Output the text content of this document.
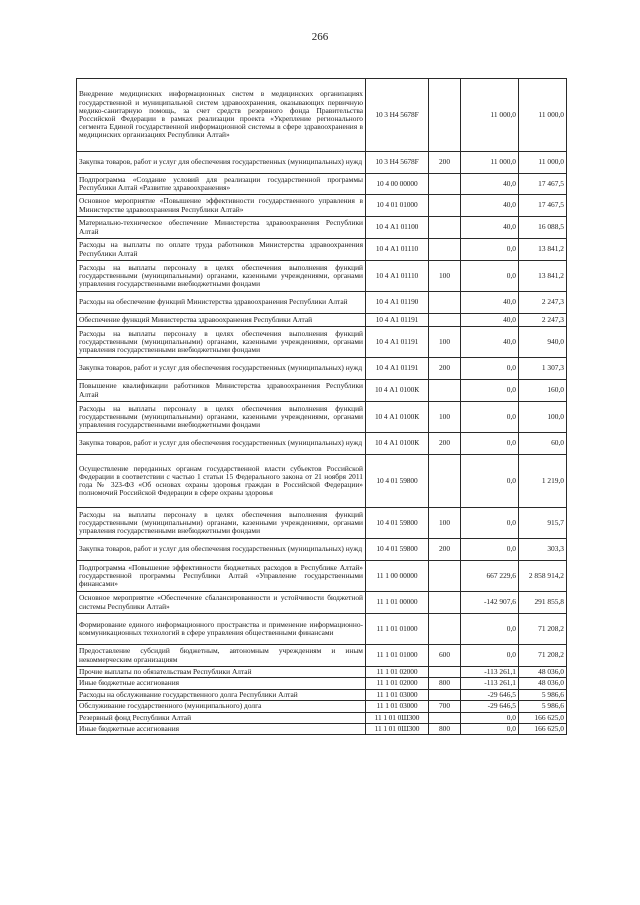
266
Внедрение медицинских информационных систем в медицинских организациях государственной и муниципальной систем здравоохранения, оказывающих первичную медико-санитарную помощь, за счет средств резервного фонда Правительства Российской Федерации в рамках реализации проекта «Укрепление регионального сегмента Единой государственной информационной системы в сфере здравоохранения в медицинских организациях Республики Алтай»	10 3 Н4 5678F		11 000,0	11 000,0
Закупка товаров, работ и услуг для обеспечения государственных (муниципальных) нужд	10 3 Н4 5678F	200	11 000,0	11 000,0
Подпрограмма «Создание условий для реализации государственной программы Республики Алтай «Развитие здравоохранения»	10 4 00 00000		40,0	17 467,5
Основное мероприятие «Повышение эффективности государственного управления в Министерстве здравоохранения Республики Алтай»	10 4 01 01000		40,0	17 467,5
Материально-техническое обеспечение Министерства здравоохранения Республики Алтай	10 4 А1 01100		40,0	16 088,5
Расходы на выплаты по оплате труда работников Министерства здравоохранения Республики Алтай	10 4 А1 01110		0,0	13 841,2
Расходы на выплаты персоналу в целях обеспечения выполнения функций государственными (муниципальными) органами, казенными учреждениями, органами управления государственными внебюджетными фондами	10 4 А1 01110	100	0,0	13 841,2
Расходы на обеспечение функций Министерства здравоохранения Республики Алтай	10 4 А1 01190		40,0	2 247,3
Обеспечение функций Министерства здравоохранения Республики Алтай	10 4 А1 01191		40,0	2 247,3
Расходы на выплаты персоналу в целях обеспечения выполнения функций государственными (муниципальными) органами, казенными учреждениями, органами управления государственными внебюджетными фондами	10 4 А1 01191	100	40,0	940,0
Закупка товаров, работ и услуг для обеспечения государственных (муниципальных) нужд	10 4 А1 01191	200	0,0	1 307,3
Повышение квалификации работников Министерства здравоохранения Республики Алтай	10 4 А1 0100К		0,0	160,0
Расходы на выплаты персоналу в целях обеспечения выполнения функций государственными (муниципальными) органами, казенными учреждениями, органами управления государственными внебюджетными фондами	10 4 А1 0100К	100	0,0	100,0
Закупка товаров, работ и услуг для обеспечения государственных (муниципальных) нужд	10 4 А1 0100К	200	0,0	60,0
Осуществление переданных органам государственной власти субъектов Российской Федерации в соответствии с частью 1 статьи 15 Федерального закона от 21 ноября 2011 года № 323-ФЗ «Об основах охраны здоровья граждан в Российской Федерации» полномочий Российской Федерации в сфере охраны здоровья	10 4 01 59800		0,0	1 219,0
Расходы на выплаты персоналу в целях обеспечения выполнения функций государственными (муниципальными) органами, казенными учреждениями, органами управления государственными внебюджетными фондами	10 4 01 59800	100	0,0	915,7
Закупка товаров, работ и услуг для обеспечения государственных (муниципальных) нужд	10 4 01 59800	200	0,0	303,3
Подпрограмма «Повышение эффективности бюджетных расходов в Республике Алтай» государственной программы Республики Алтай «Управление государственными финансами»	11 1 00 00000		667 229,6	2 858 914,2
Основное мероприятие «Обеспечение сбалансированности и устойчивости бюджетной системы Республики Алтай»	11 1 01 00000		-142 907,6	291 855,8
Формирование единого информационного пространства и применение информационно-коммуникационных технологий в сфере управления общественными финансами	11 1 01 01000		0,0	71 208,2
Предоставление субсидий бюджетным, автономным учреждениям и иным некоммерческим организациям	11 1 01 01000	600	0,0	71 208,2
Прочие выплаты по обязательствам Республики Алтай	11 1 01 02000		-113 261,1	48 036,0
Иные бюджетные ассигнования	11 1 01 02000	800	-113 261,1	48 036,0
Расходы на обслуживание государственного долга Республики Алтай	11 1 01 03000		-29 646,5	5 986,6
Обслуживание государственного (муниципального) долга	11 1 01 03000	700	-29 646,5	5 986,6
Резервный фонд Республики Алтай	11 1 01 0Ш300		0,0	166 625,0
Иные бюджетные ассигнования	11 1 01 0Ш300	800	0,0	166 625,0
